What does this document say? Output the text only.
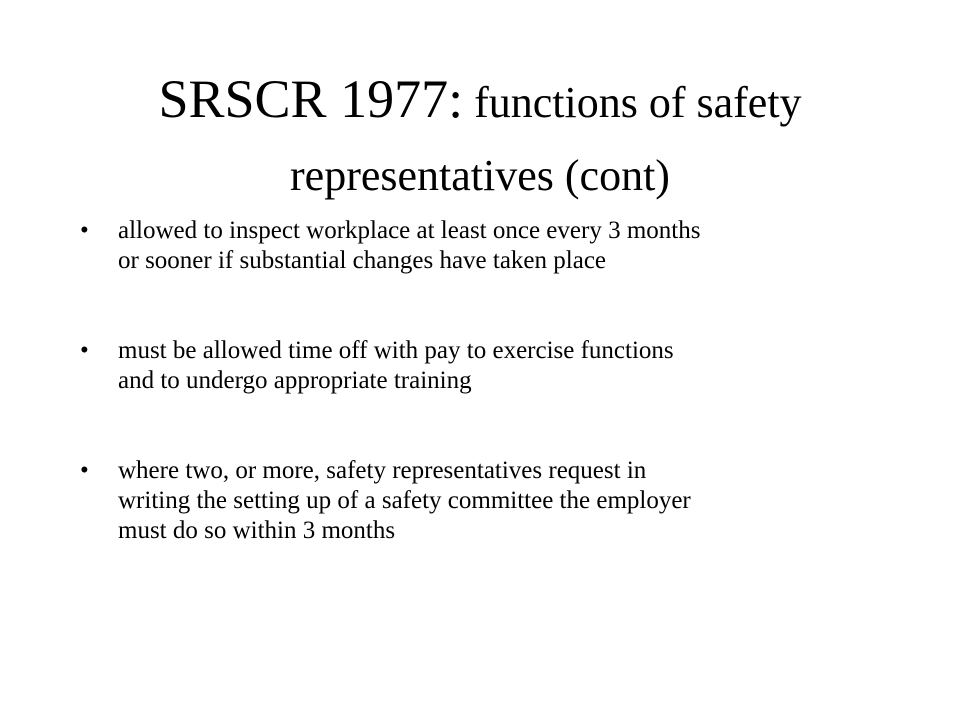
SRSCR 1977: functions of safety representatives (cont)
•	allowed to inspect workplace at least once every 3 months
or sooner if substantial changes have taken place
•	must be allowed time off with pay to exercise functions
and to undergo appropriate training
•	where two, or more, safety representatives request in
writing the setting up of a safety committee the employer
must do so within 3 months
